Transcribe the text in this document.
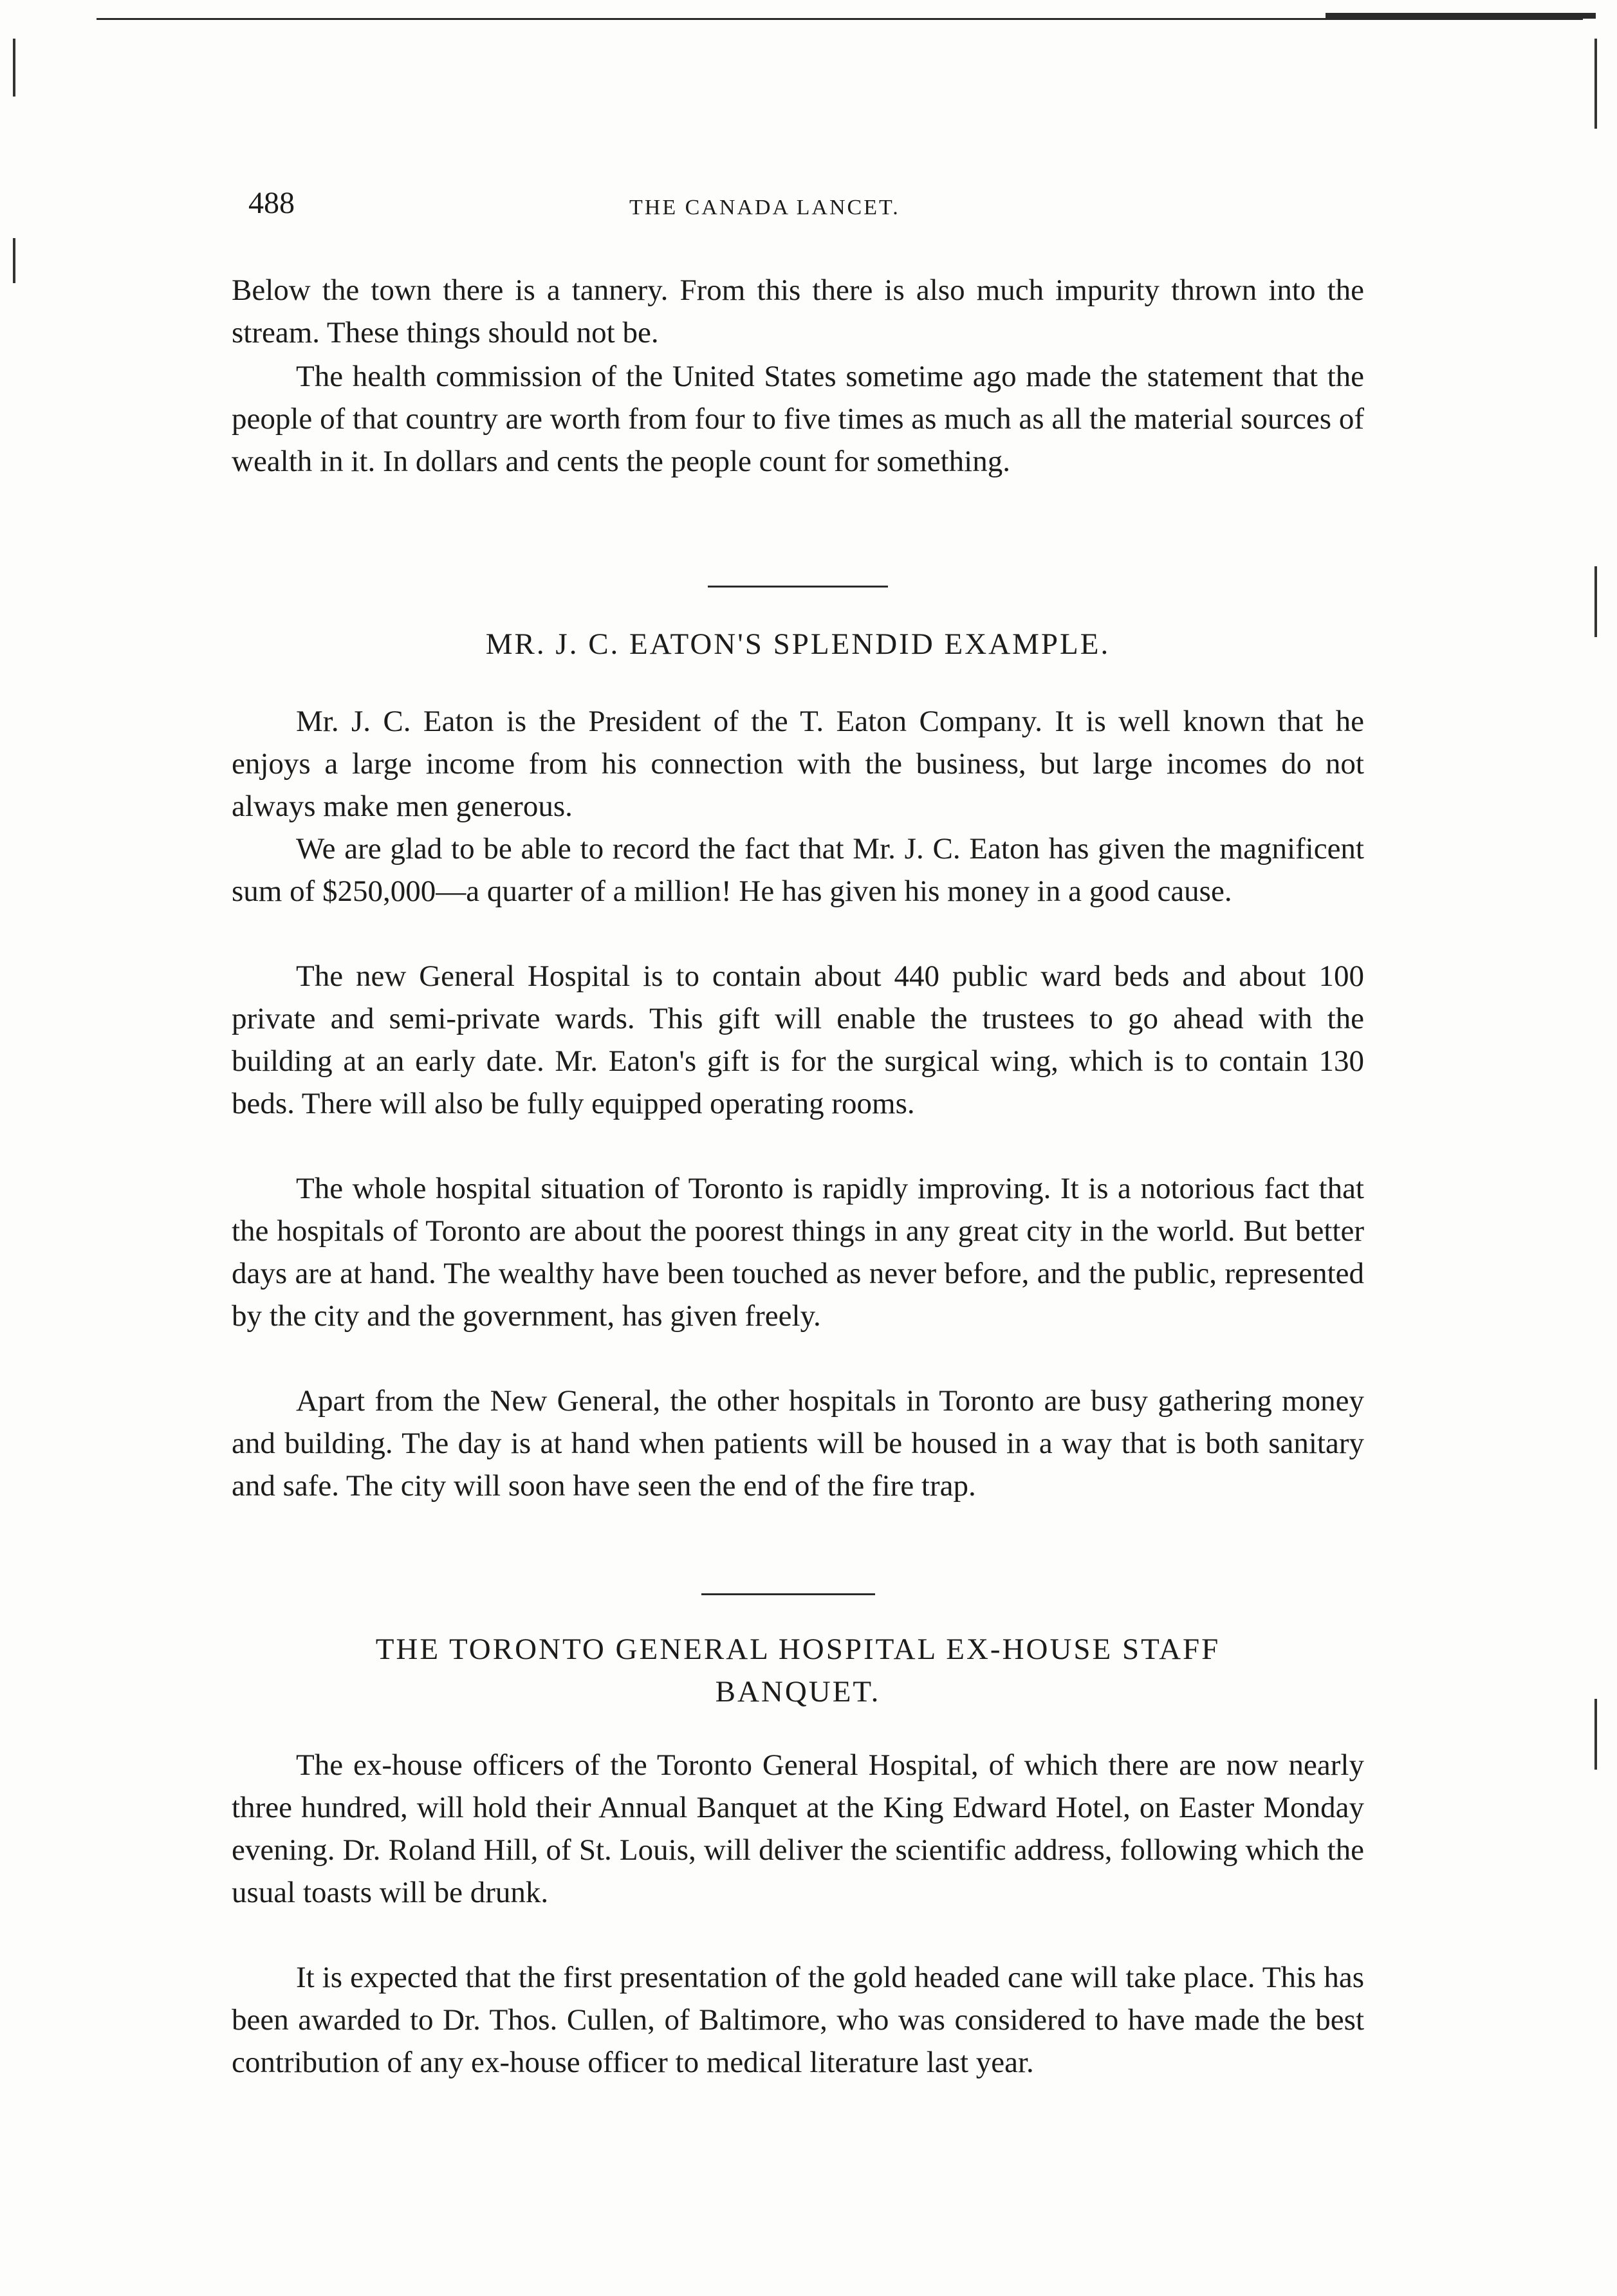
488	THE CANADA LANCET.

Below the town there is a tannery. From this there is also much impurity thrown into the stream. These things should not be.

The health commission of the United States sometime ago made the statement that the people of that country are worth from four to five times as much as all the material sources of wealth in it. In dollars and cents the people count for something.

MR. J. C. EATON'S SPLENDID EXAMPLE.

Mr. J. C. Eaton is the President of the T. Eaton Company. It is well known that he enjoys a large income from his connection with the business, but large incomes do not always make men generous.

We are glad to be able to record the fact that Mr. J. C. Eaton has given the magnificent sum of $250,000—a quarter of a million! He has given his money in a good cause.

The new General Hospital is to contain about 440 public ward beds and about 100 private and semi-private wards. This gift will enable the trustees to go ahead with the building at an early date. Mr. Eaton's gift is for the surgical wing, which is to contain 130 beds. There will also be fully equipped operating rooms.

The whole hospital situation of Toronto is rapidly improving. It is a notorious fact that the hospitals of Toronto are about the poorest things in any great city in the world. But better days are at hand. The wealthy have been touched as never before, and the public, represented by the city and the government, has given freely.

Apart from the New General, the other hospitals in Toronto are busy gathering money and building. The day is at hand when patients will be housed in a way that is both sanitary and safe. The city will soon have seen the end of the fire trap.

THE TORONTO GENERAL HOSPITAL EX-HOUSE STAFF
BANQUET.

The ex-house officers of the Toronto General Hospital, of which there are now nearly three hundred, will hold their Annual Banquet at the King Edward Hotel, on Easter Monday evening. Dr. Roland Hill, of St. Louis, will deliver the scientific address, following which the usual toasts will be drunk.

It is expected that the first presentation of the gold headed cane will take place. This has been awarded to Dr. Thos. Cullen, of Baltimore, who was considered to have made the best contribution of any ex-house officer to medical literature last year.
